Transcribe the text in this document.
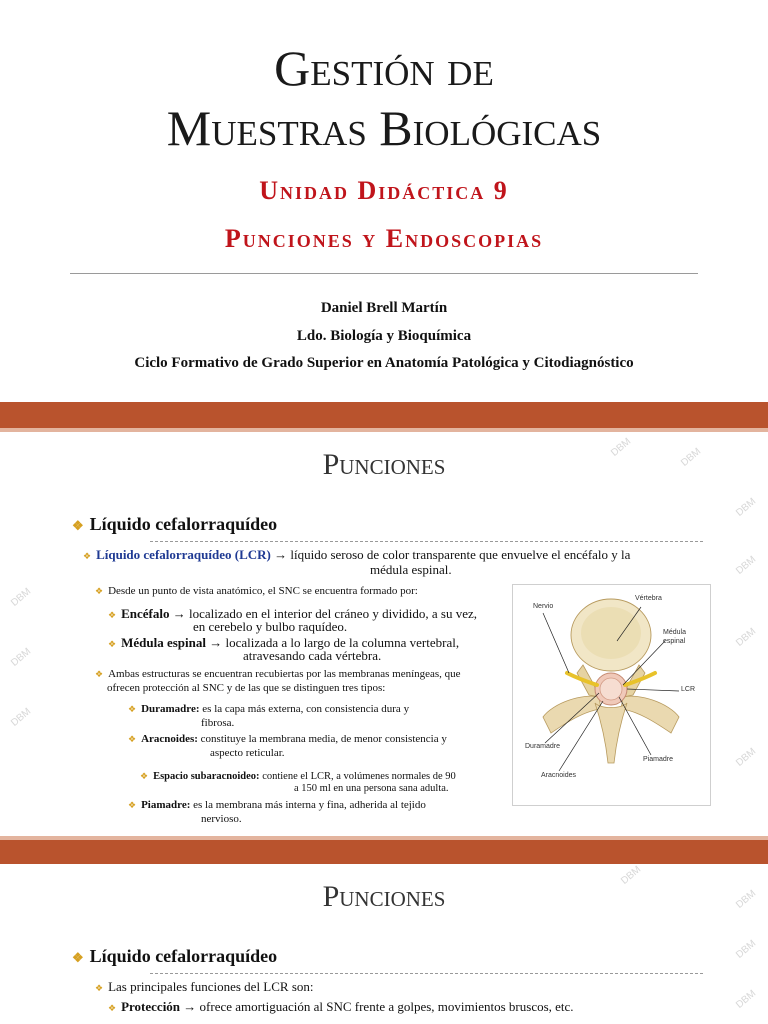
Gestión de
Muestras Biológicas
Unidad Didáctica 9
Punciones y Endoscopias
Daniel Brell Martín
Ldo. Biología y Bioquímica
Ciclo Formativo de Grado Superior en Anatomía Patológica y Citodiagnóstico
DBM
DBM
DBM
DBM
DBM
DBM
DBM
DBM
DBM
Punciones
❖ Líquido cefalorraquídeo
❖ Líquido cefalorraquídeo (LCR) → líquido seroso de color transparente que envuelve el encéfalo y la
médula espinal.
❖ Desde un punto de vista anatómico, el SNC se encuentra formado por:
❖ Encéfalo → localizado en el interior del cráneo y dividido, a su vez,
en cerebelo y bulbo raquídeo.
❖ Médula espinal → localizada a lo largo de la columna vertebral,
atravesando cada vértebra.
❖ Ambas estructuras se encuentran recubiertas por las membranas meníngeas, que
ofrecen protección al SNC y de las que se distinguen tres tipos:
❖ Duramadre: es la capa más externa, con consistencia dura y
fibrosa.
❖ Aracnoides: constituye la membrana media, de menor consistencia y
aspecto reticular.
❖ Espacio subaracnoideo: contiene el LCR, a volúmenes normales de 90
a 150 ml en una persona sana adulta.
❖ Piamadre: es la membrana más interna y fina, adherida al tejido
nervioso.
Nervio
Vértebra
Médula
espinal
LCR
Duramadre
Aracnoides
Piamadre
DBM
DBM
DBM
DBM
Punciones
❖ Líquido cefalorraquídeo
❖ Las principales funciones del LCR son:
❖ Protección → ofrece amortiguación al SNC frente a golpes, movimientos bruscos, etc.
